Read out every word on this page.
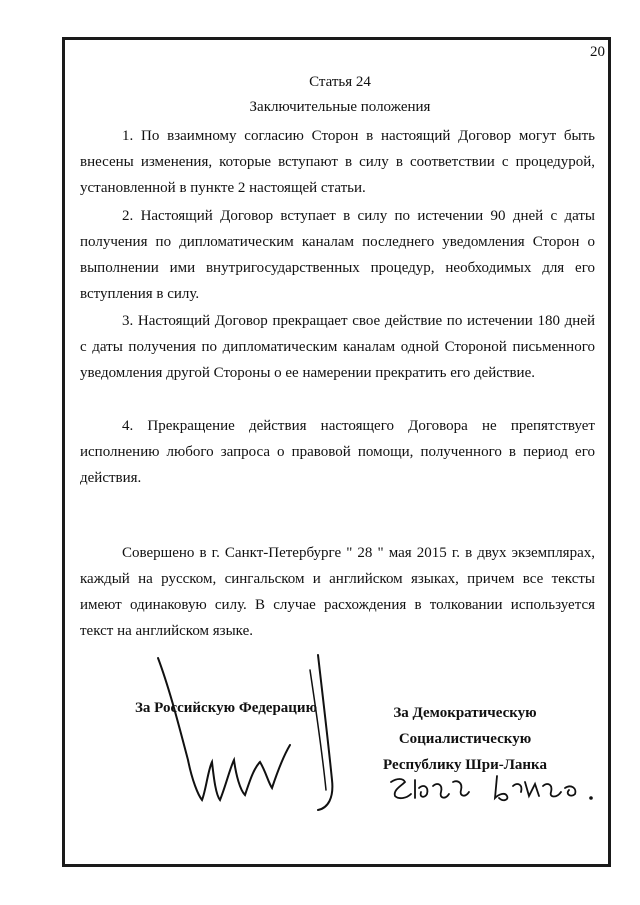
20
Статья 24
Заключительные положения

1. По взаимному согласию Сторон в настоящий Договор могут быть внесены изменения, которые вступают в силу в соответствии с процедурой, установленной в пункте 2 настоящей статьи.

2. Настоящий Договор вступает в силу по истечении 90 дней с даты получения по дипломатическим каналам последнего уведомления Сторон о выполнении ими внутригосударственных процедур, необходимых для его вступления в силу.

3. Настоящий Договор прекращает свое действие по истечении 180 дней с даты получения по дипломатическим каналам одной Стороной письменного уведомления другой Стороны о ее намерении прекратить его действие.

4. Прекращение действия настоящего Договора не препятствует исполнению любого запроса о правовой помощи, полученного в период его действия.

Совершено в г. Санкт-Петербурге " 28 " мая 2015 г. в двух экземплярах, каждый на русском, сингальском и английском языках, причем все тексты имеют одинаковую силу. В случае расхождения в толковании используется текст на английском языке.

За Российскую Федерацию	За Демократическую
Социалистическую
Республику Шри-Ланка
